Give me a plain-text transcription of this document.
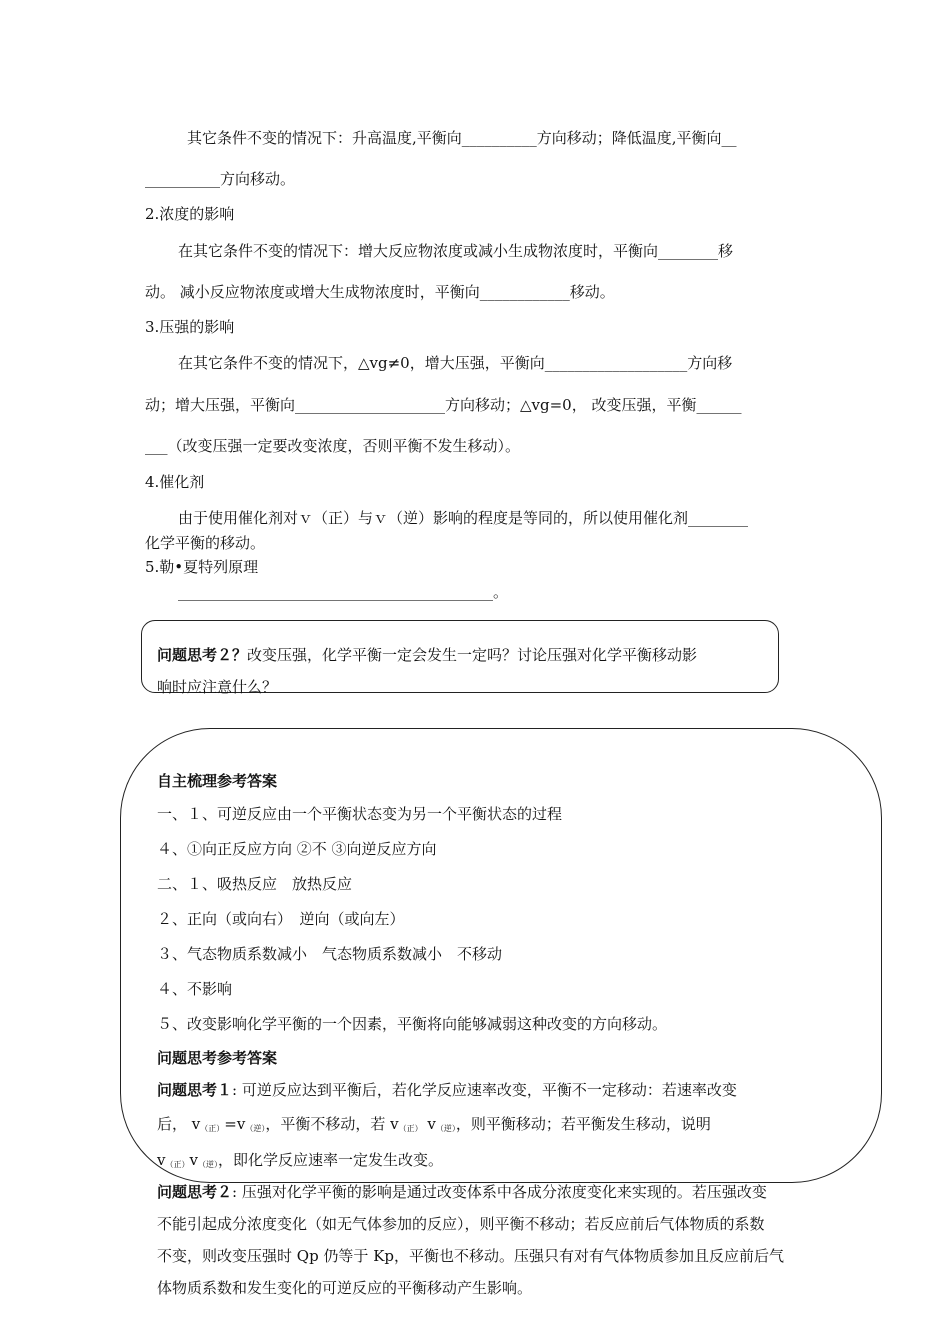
其它条件不变的情况下：升高温度,平衡向__________方向移动；降低温度,平衡向__
__________方向移动。
2.浓度的影响
在其它条件不变的情况下：增大反应物浓度或减小生成物浓度时，平衡向________移
动。 减小反应物浓度或增大生成物浓度时，平衡向____________移动。
3.压强的影响
在其它条件不变的情况下，△vg≠0，增大压强，平衡向___________________方向移
动；增大压强，平衡向____________________方向移动；△vg=0， 改变压强，平衡______
___（改变压强一定要改变浓度，否则平衡不发生移动）。
4.催化剂
由于使用催化剂对ｖ（正）与ｖ（逆）影响的程度是等同的，所以使用催化剂________
化学平衡的移动。
5.勒•夏特列原理
__________________________________________。
问题思考２？改变压强，化学平衡一定会发生一定吗？讨论压强对化学平衡移动影
响时应注意什么？
自主梳理参考答案
一、１、可逆反应由一个平衡状态变为另一个平衡状态的过程
４、①向正反应方向 ②不 ③向逆反应方向
二、１、吸热反应　放热反应
２、正向（或向右）　逆向（或向左）
３、气态物质系数减小　气态物质系数减小　不移动
４、不影响
５、改变影响化学平衡的一个因素，平衡将向能够减弱这种改变的方向移动。
问题思考参考答案
问题思考１: 可逆反应达到平衡后，若化学反应速率改变，平衡不一定移动：若速率改变
后， $v_{(正)}=v_{(逆)}$，平衡不移动，若 $v_{(正)}$ $v_{(逆)}$，则平衡移动；若平衡发生移动，说明
$v_{(正)}v_{(逆)}$，即化学反应速率一定发生改变。
问题思考２: 压强对化学平衡的影响是通过改变体系中各成分浓度变化来实现的。若压强改变
不能引起成分浓度变化（如无气体参加的反应），则平衡不移动；若反应前后气体物质的系数
不变，则改变压强时 Qp 仍等于 Kp，平衡也不移动。压强只有对有气体物质参加且反应前后气
体物质系数和发生变化的可逆反应的平衡移动产生影响。
